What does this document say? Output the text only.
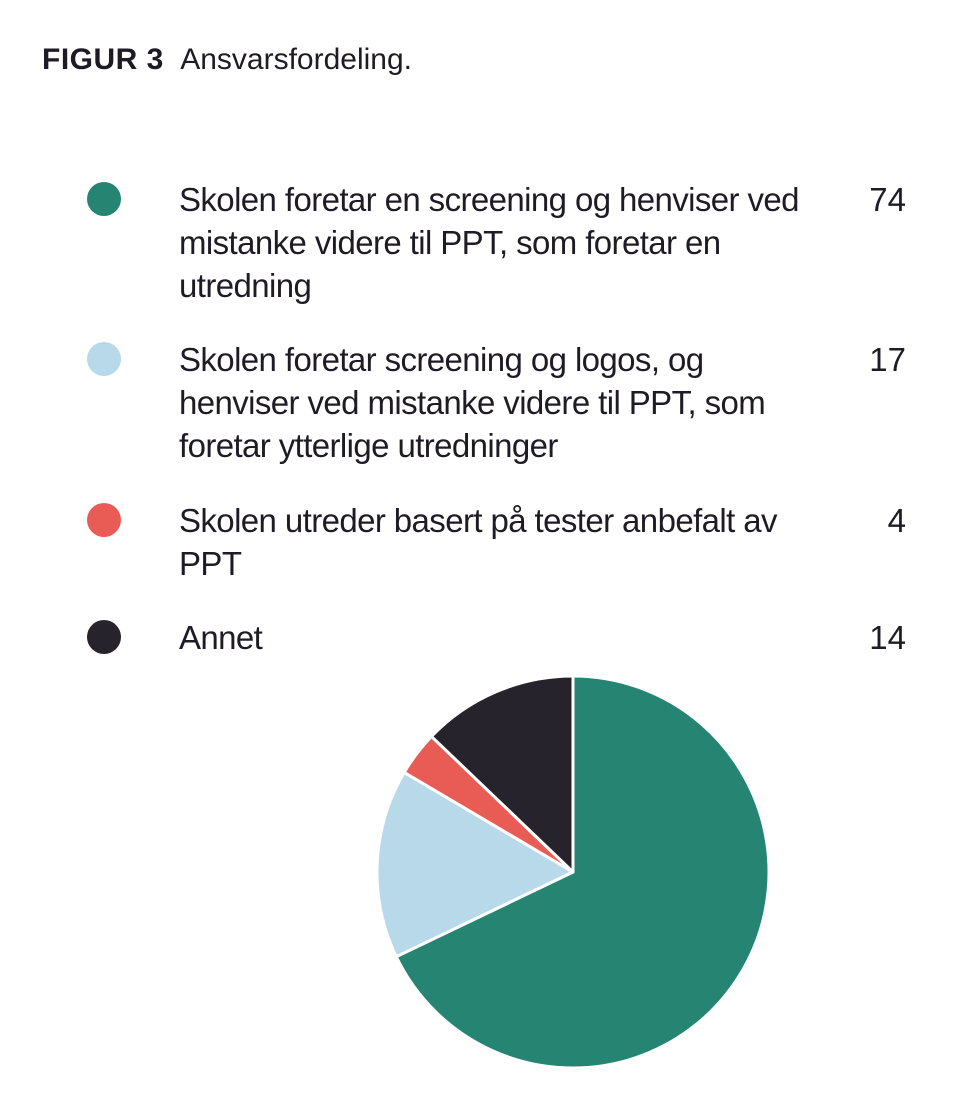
FIGUR 3 Ansvarsfordeling.
Skolen foretar en screening og henviser ved mistanke videre til PPT, som foretar en utredning
74
Skolen foretar screening og logos, og henviser ved mistanke videre til PPT, som foretar ytterlige utredninger
17
Skolen utreder basert på tester anbefalt av PPT
4
Annet	14
